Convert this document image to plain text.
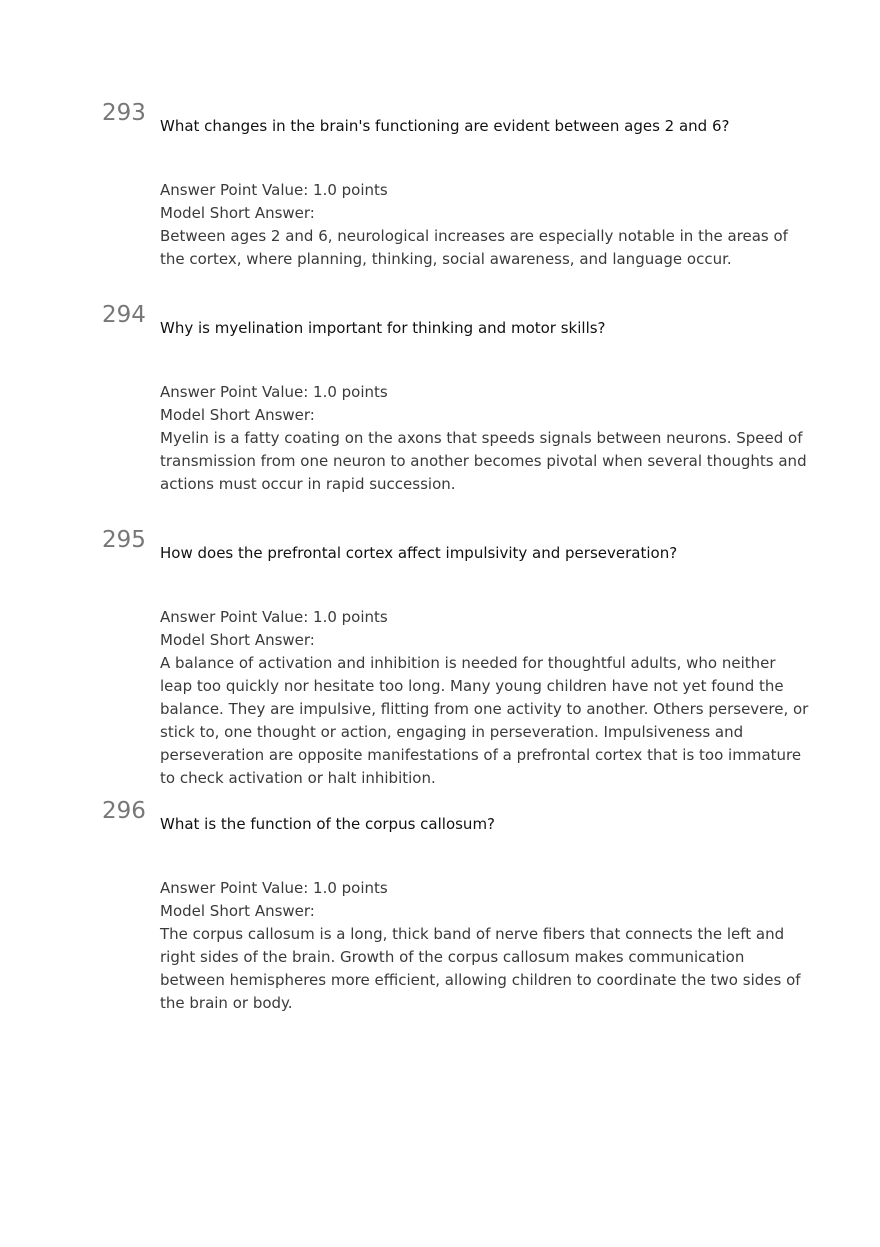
293 What changes in the brain's functioning are evident between ages 2 and 6?
Answer Point Value: 1.0 points
Model Short Answer:
Between ages 2 and 6, neurological increases are especially notable in the areas of the cortex, where planning, thinking, social awareness, and language occur.
294 Why is myelination important for thinking and motor skills?
Answer Point Value: 1.0 points
Model Short Answer:
Myelin is a fatty coating on the axons that speeds signals between neurons. Speed of transmission from one neuron to another becomes pivotal when several thoughts and actions must occur in rapid succession.
295 How does the prefrontal cortex affect impulsivity and perseveration?
Answer Point Value: 1.0 points
Model Short Answer:
A balance of activation and inhibition is needed for thoughtful adults, who neither leap too quickly nor hesitate too long. Many young children have not yet found the balance. They are impulsive, flitting from one activity to another. Others persevere, or stick to, one thought or action, engaging in perseveration. Impulsiveness and perseveration are opposite manifestations of a prefrontal cortex that is too immature to check activation or halt inhibition.
296 What is the function of the corpus callosum?
Answer Point Value: 1.0 points
Model Short Answer:
The corpus callosum is a long, thick band of nerve fibers that connects the left and right sides of the brain. Growth of the corpus callosum makes communication between hemispheres more efficient, allowing children to coordinate the two sides of the brain or body.
